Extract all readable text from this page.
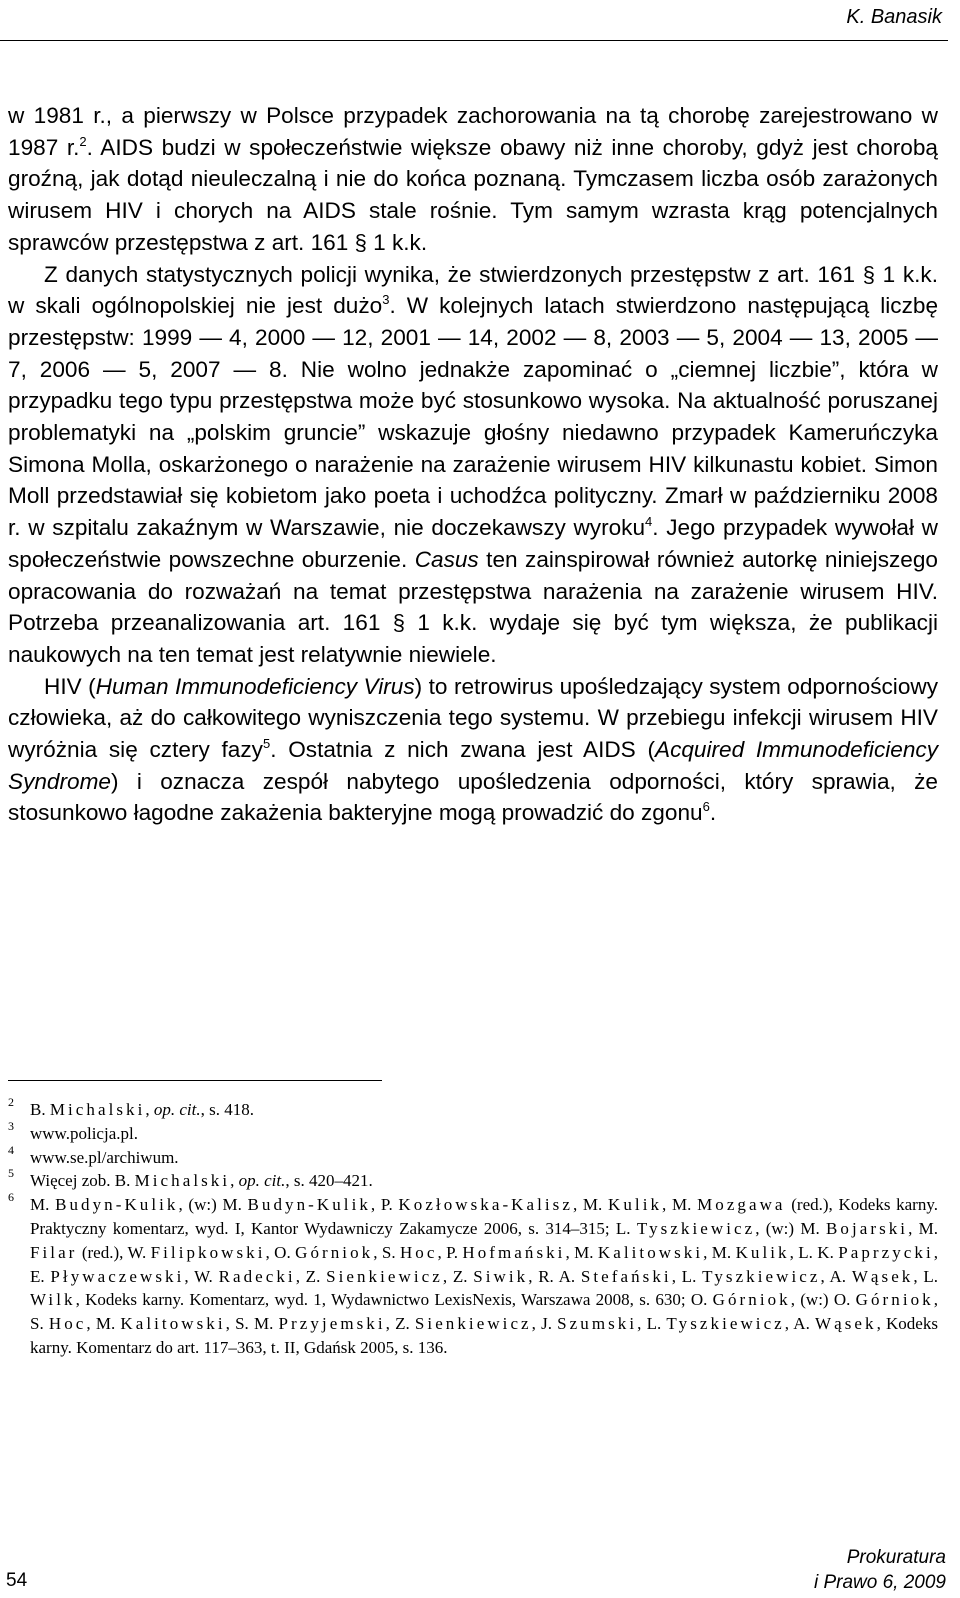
K. Banasik

w 1981 r., a pierwszy w Polsce przypadek zachorowania na tą chorobę zarejestrowano w 1987 r.$^2$. AIDS budzi w społeczeństwie większe obawy niż inne choroby, gdyż jest chorobą groźną, jak dotąd nieuleczalną i nie do końca poznaną. Tymczasem liczba osób zarażonych wirusem HIV i chorych na AIDS stale rośnie. Tym samym wzrasta krąg potencjalnych sprawców przestępstwa z art. 161 § 1 k.k.

Z danych statystycznych policji wynika, że stwierdzonych przestępstw z art. 161 § 1 k.k. w skali ogólnopolskiej nie jest dużo$^3$. W kolejnych latach stwierdzono następującą liczbę przestępstw: 1999 — 4, 2000 — 12, 2001 — 14, 2002 — 8, 2003 — 5, 2004 — 13, 2005 — 7, 2006 — 5, 2007 — 8. Nie wolno jednakże zapominać o „ciemnej liczbie”, która w przypadku tego typu przestępstwa może być stosunkowo wysoka. Na aktualność poruszanej problematyki na „polskim gruncie” wskazuje głośny niedawno przypadek Kameruńczyka Simona Molla, oskarżonego o narażenie na zarażenie wirusem HIV kilkunastu kobiet. Simon Moll przedstawiał się kobietom jako poeta i uchodźca polityczny. Zmarł w październiku 2008 r. w szpitalu zakaźnym w Warszawie, nie doczekawszy wyroku$^4$. Jego przypadek wywołał w społeczeństwie powszechne oburzenie. Casus ten zainspirował również autorkę niniejszego opracowania do rozważań na temat przestępstwa narażenia na zarażenie wirusem HIV. Potrzeba przeanalizowania art. 161 § 1 k.k. wydaje się być tym większa, że publikacji naukowych na ten temat jest relatywnie niewiele.

HIV (Human Immunodeficiency Virus) to retrowirus upośledzający system odpornościowy człowieka, aż do całkowitego wyniszczenia tego systemu. W przebiegu infekcji wirusem HIV wyróżnia się cztery fazy$^5$. Ostatnia z nich zwana jest AIDS (Acquired Immunodeficiency Syndrome) i oznacza zespół nabytego upośledzenia odporności, który sprawia, że stosunkowo łagodne zakażenia bakteryjne mogą prowadzić do zgonu$^6$.

2 B. Michalski, op. cit., s. 418.
3 www.policja.pl.
4 www.se.pl/archiwum.
5 Więcej zob. B. Michalski, op. cit., s. 420–421.
6 M. Budyn-Kulik, (w:) M. Budyn-Kulik, P. Kozłowska-Kalisz, M. Kulik, M. Mozgawa (red.), Kodeks karny. Praktyczny komentarz, wyd. I, Kantor Wydawniczy Zakamycze 2006, s. 314–315; L. Tyszkiewicz, (w:) M. Bojarski, M. Filar (red.), W. Filipkowski, O. Górniok, S. Hoc, P. Hofmański, M. Kalitowski, M. Kulik, L. K. Paprzycki, E. Pływaczewski, W. Radecki, Z. Sienkiewicz, Z. Siwik, R. A. Stefański, L. Tyszkiewicz, A. Wąsek, L. Wilk, Kodeks karny. Komentarz, wyd. 1, Wydawnictwo LexisNexis, Warszawa 2008, s. 630; O. Górniok, (w:) O. Górniok, S. Hoc, M. Kalitowski, S. M. Przyjemski, Z. Sienkiewicz, J. Szumski, L. Tyszkiewicz, A. Wąsek, Kodeks karny. Komentarz do art. 117–363, t. II, Gdańsk 2005, s. 136.
54
Prokuratura
i Prawo 6, 2009
